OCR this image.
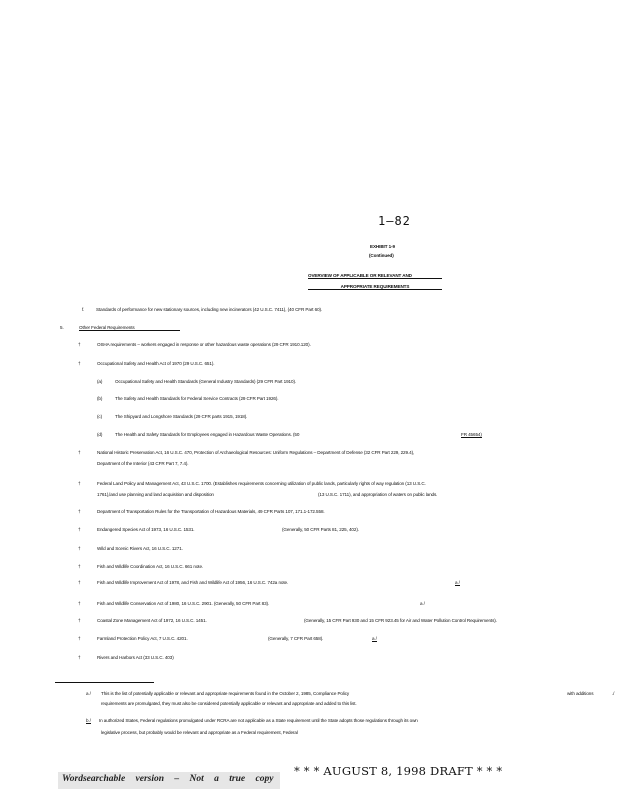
1–82
EXHIBIT 1-9
(Continued)
OVERVIEW OF APPLICABLE OR RELEVANT AND
APPROPRIATE REQUIREMENTS
f.	Standards of performance for new stationary sources, including new incinerators (42 U.S.C. 7411), (40 CFR Part 60).
5.	Other Federal Requirements
†	OSHA requirements – workers engaged in response or other hazardous waste operations (29 CFR 1910.120).
†	Occupational Safety and Health Act of 1970 (29 U.S.C. 651).
(a)	Occupational Safety and Health Standards (General Industry Standards) (29 CFR Part 1910).
(b)	The Safety and Health Standards for Federal Service Contracts (29 CFR Part 1926).
(c)	The Shipyard and Longshore Standards (29 CFR parts 1915, 1918).
(d)	The Health and Safety Standards for Employees engaged in Hazardous Waste Operations. (50	FR 45654)
†	National Historic Preservation Act, 16 U.S.C. 470, Protection of Archaeological Resources: Uniform Regulations – Department of Defense (32 CFR Part 229, 229.4),
Department of the Interior (43 CFR Part 7, 7.4).
†	Federal Land Policy and Management Act, 43 U.S.C. 1700. (Establishes requirements concerning utilization of public lands, particularly rights of way regulation (13 U.S.C.
1761),land use planning and land acquisition and disposition	(13 U.S.C. 1711), and appropriation of waters on public lands.
†	Department of Transportation Rules for the Transportation of Hazardous Materials, 49 CFR Parts 107, 171.1-172.558.
†	Endangered Species Act of 1973, 16 U.S.C. 1531.	(Generally, 50 CFR Parts 81, 225, 402).
†	Wild and Scenic Rivers Act, 16 U.S.C. 1271.
†	Fish and Wildlife Coordination Act, 16 U.S.C. 661 note.
†	Fish and Wildlife Improvement Act of 1978, and Fish and Wildlife Act of 1956, 16 U.S.C. 742a note.	a /
†	Fish and Wildlife Conservation Act of 1980, 16 U.S.C. 2901. (Generally, 50 CFR Part 83).	a /
†	Coastal Zone Management Act of 1972, 16 U.S.C. 1451.	(Generally, 15 CFR Part 930 and 15 CFR 923.45 for Air and Water Pollution Control Requirements).
†	Farmland Protection Policy Act, 7 U.S.C. 4201.	(Generally, 7 CFR Part 658).	a /
†	Rivers and Harbors Act (33 U.S.C. 403)
a / This is the list of potentially applicable or relevant and appropriate requirements found in the October 2, 1985, Compliance Policy	with additions	./
requirements are promulgated, they must also be considered potentially applicable or relevant and appropriate and added to this list.
b / In authorized States, Federal regulations promulgated under RCRA are not applicable as a State requirement until the State adopts those regulations through its own
legislative process, but probably would be relevant and appropriate as a Federal requirement, Federal
* * * AUGUST 8, 1998 DRAFT * * *
Wordsearchable version – Not a true copy
